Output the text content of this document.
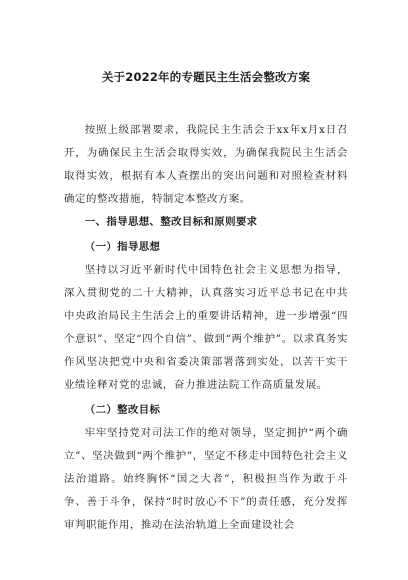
关于2022年的专题民主生活会整改方案

按照上级部署要求，我院民主生活会于xx年x月x日召开，为确保民主生活会取得实效，为确保我院民主生活会取得实效，根据有本人查摆出的突出问题和对照检查材料确定的整改措施，特制定本整改方案。

一、指导思想、整改目标和原则要求

（一）指导思想

坚持以习近平新时代中国特色社会主义思想为指导，深入贯彻党的二十大精神，认真落实习近平总书记在中共中央政治局民主生活会上的重要讲话精神，进一步增强“四个意识”、坚定“四个自信”、做到“两个维护”。以求真务实作风坚决把党中央和省委决策部署落到实处，以苦干实干业绩诠释对党的忠诚，奋力推进法院工作高质量发展。

（二）整改目标

牢牢坚持党对司法工作的绝对领导，坚定拥护“两个确立”、坚决做到“两个维护”，坚定不移走中国特色社会主义法治道路。始终胸怀“国之大者”，积极担当作为敢于斗争、善于斗争，保持“时时放心不下”的责任感，充分发挥审判职能作用，推动在法治轨道上全面建设社会
